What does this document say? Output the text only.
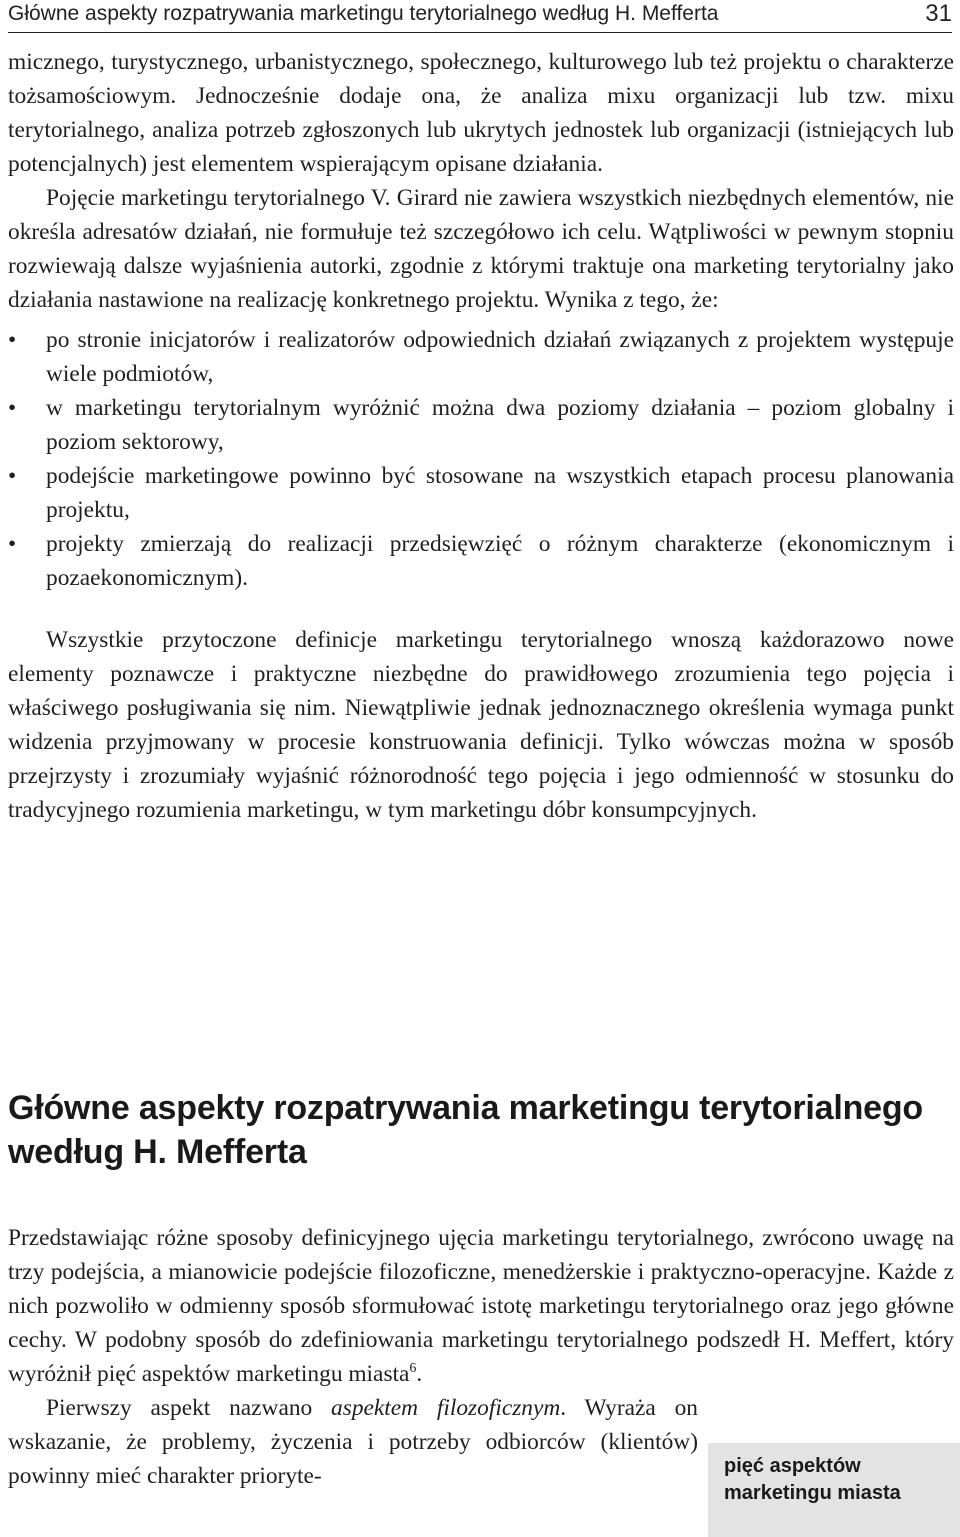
Główne aspekty rozpatrywania marketingu terytorialnego według H. Mefferta	31

micznego, turystycznego, urbanistycznego, społecznego, kulturowego lub też projektu o charakterze tożsamościowym. Jednocześnie dodaje ona, że analiza mixu organizacji lub tzw. mixu terytorialnego, analiza potrzeb zgłoszonych lub ukrytych jednostek lub organizacji (istniejących lub potencjalnych) jest elementem wspierającym opisane działania.

Pojęcie marketingu terytorialnego V. Girard nie zawiera wszystkich niezbędnych elementów, nie określa adresatów działań, nie formułuje też szczegółowo ich celu. Wątpliwości w pewnym stopniu rozwiewają dalsze wyjaśnienia autorki, zgodnie z którymi traktuje ona marketing terytorialny jako działania nastawione na realizację konkretnego projektu. Wynika z tego, że:

• po stronie inicjatorów i realizatorów odpowiednich działań związanych z projektem występuje wiele podmiotów,
• w marketingu terytorialnym wyróżnić można dwa poziomy działania – poziom globalny i poziom sektorowy,
• podejście marketingowe powinno być stosowane na wszystkich etapach procesu planowania projektu,
• projekty zmierzają do realizacji przedsięwzięć o różnym charakterze (ekonomicznym i pozaekonomicznym).

Wszystkie przytoczone definicje marketingu terytorialnego wnoszą każdorazowo nowe elementy poznawcze i praktyczne niezbędne do prawidłowego zrozumienia tego pojęcia i właściwego posługiwania się nim. Niewątpliwie jednak jednoznacznego określenia wymaga punkt widzenia przyjmowany w procesie konstruowania definicji. Tylko wówczas można w sposób przejrzysty i zrozumiały wyjaśnić różnorodność tego pojęcia i jego odmienność w stosunku do tradycyjnego rozumienia marketingu, w tym marketingu dóbr konsumpcyjnych.

Główne aspekty rozpatrywania marketingu terytorialnego według H. Mefferta

Przedstawiając różne sposoby definicyjnego ujęcia marketingu terytorialnego, zwrócono uwagę na trzy podejścia, a mianowicie podejście filozoficzne, menedżerskie i praktyczno-operacyjne. Każde z nich pozwoliło w odmienny sposób sformułować istotę marketingu terytorialnego oraz jego główne cechy. W podobny sposób do zdefiniowania marketingu terytorialnego podszedł H. Meffert, który wyróżnił pięć aspektów marketingu miasta$^6$.

Pierwszy aspekt nazwano aspektem filozoficznym. Wyraża on wskazanie, że problemy, życzenia i potrzeby odbiorców (klientów) powinny mieć charakter prioryte-	pięć aspektów
marketingu miasta
